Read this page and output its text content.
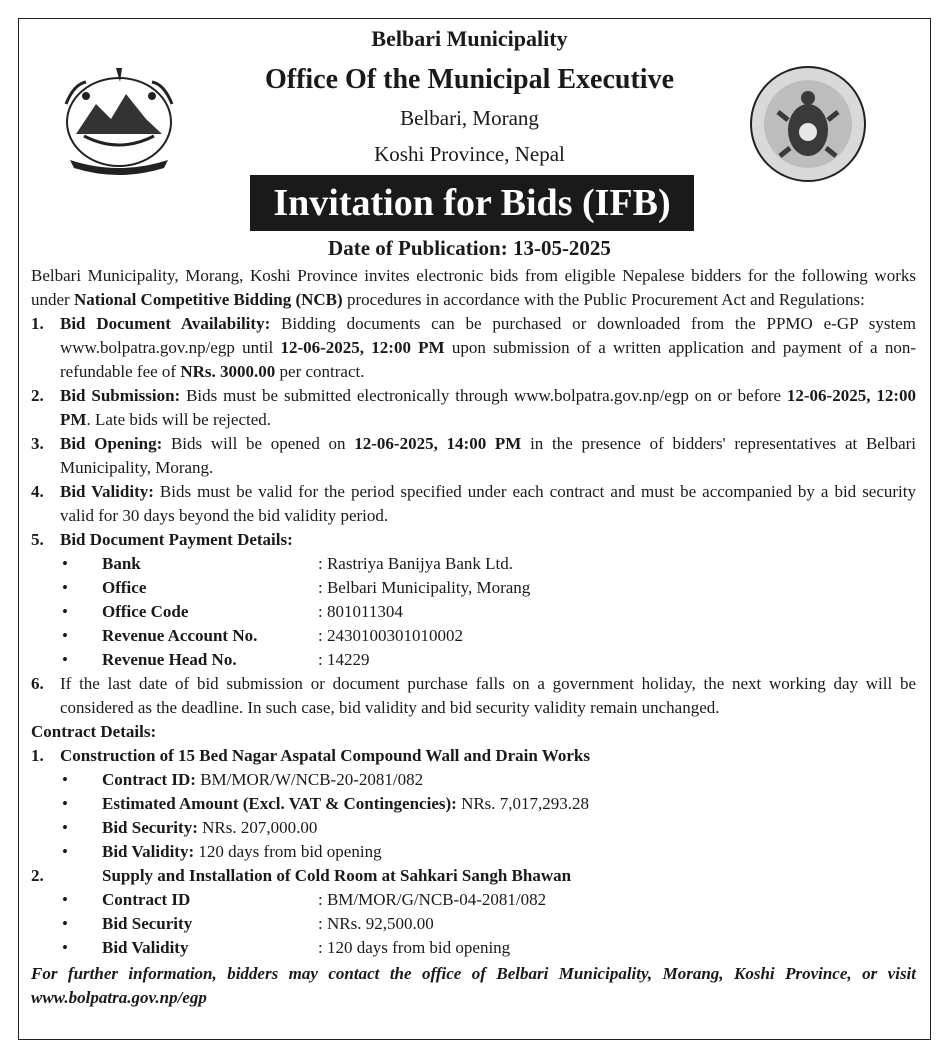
Belbari Municipality
Office Of the Municipal Executive
Belbari, Morang
Koshi Province, Nepal
Invitation for Bids (IFB)
Date of Publication: 13-05-2025

Belbari Municipality, Morang, Koshi Province invites electronic bids from eligible Nepalese bidders for the following works under National Competitive Bidding (NCB) procedures in accordance with the Public Procurement Act and Regulations:

1. Bid Document Availability: Bidding documents can be purchased or downloaded from the PPMO e-GP system www.bolpatra.gov.np/egp until 12-06-2025, 12:00 PM upon submission of a written application and payment of a non-refundable fee of NRs. 3000.00 per contract.
2. Bid Submission: Bids must be submitted electronically through www.bolpatra.gov.np/egp on or before 12-06-2025, 12:00 PM. Late bids will be rejected.
3. Bid Opening: Bids will be opened on 12-06-2025, 14:00 PM in the presence of bidders' representatives at Belbari Municipality, Morang.
4. Bid Validity: Bids must be valid for the period specified under each contract and must be accompanied by a bid security valid for 30 days beyond the bid validity period.
5. Bid Document Payment Details:
•	Bank	: Rastriya Banijya Bank Ltd.
•	Office	: Belbari Municipality, Morang
•	Office Code	: 801011304
•	Revenue Account No.	: 2430100301010002
•	Revenue Head No.	: 14229
6. If the last date of bid submission or document purchase falls on a government holiday, the next working day will be considered as the deadline. In such case, bid validity and bid security validity remain unchanged.
Contract Details:
1. Construction of 15 Bed Nagar Aspatal Compound Wall and Drain Works
•	Contract ID: BM/MOR/W/NCB-20-2081/082
•	Estimated Amount (Excl. VAT & Contingencies): NRs. 7,017,293.28
•	Bid Security: NRs. 207,000.00
•	Bid Validity: 120 days from bid opening
2.	Supply and Installation of Cold Room at Sahkari Sangh Bhawan
•	Contract ID	: BM/MOR/G/NCB-04-2081/082
•	Bid Security	: NRs. 92,500.00
•	Bid Validity	: 120 days from bid opening

For further information, bidders may contact the office of Belbari Municipality, Morang, Koshi Province, or visit www.bolpatra.gov.np/egp
